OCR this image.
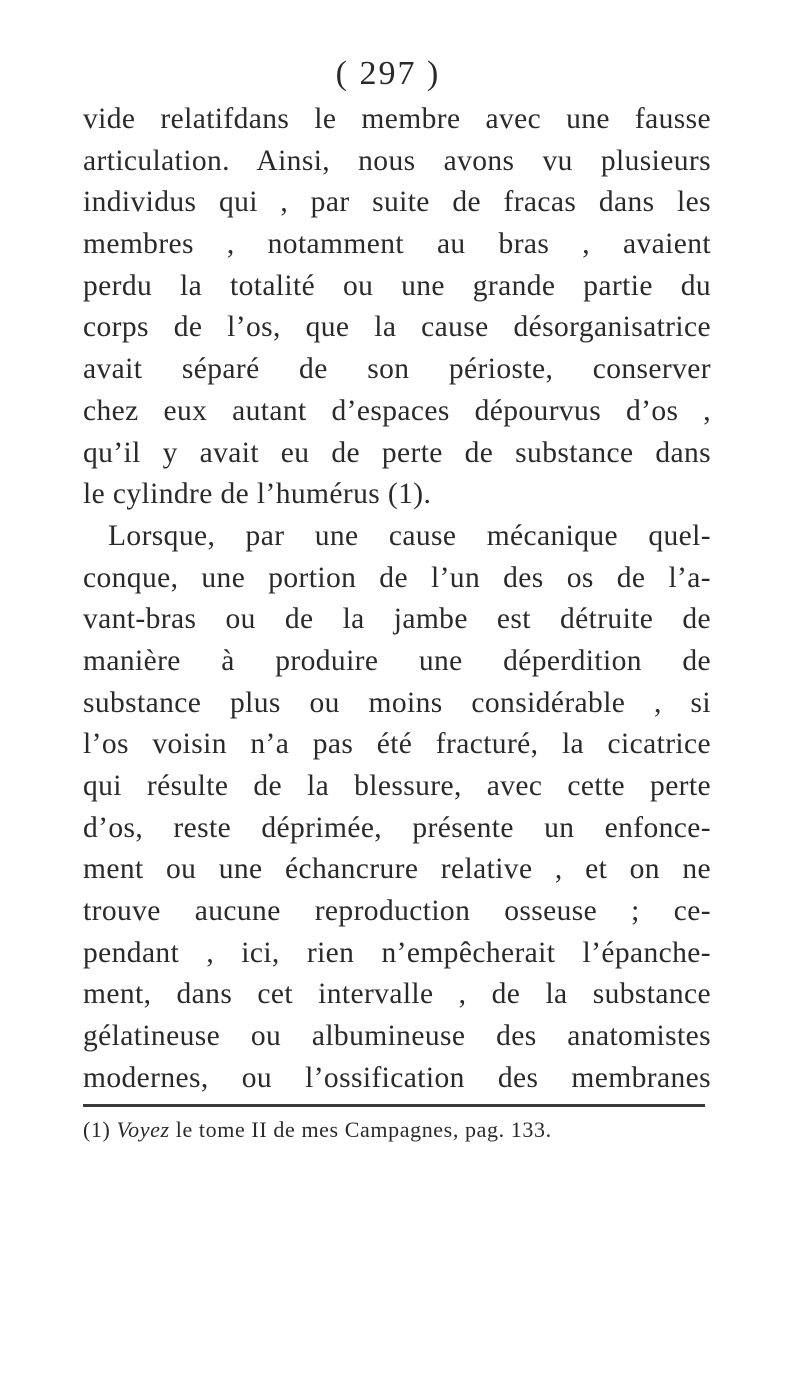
( 297 )
vide relatifdans le membre avec une fausse
articulation. Ainsi, nous avons vu plusieurs
individus qui , par suite de fracas dans les
membres , notamment au bras , avaient
perdu la totalité ou une grande partie du
corps de l’os, que la cause désorganisatrice
avait séparé de son périoste, conserver
chez eux autant d’espaces dépourvus d’os ,
qu’il y avait eu de perte de substance dans
le cylindre de l’humérus (1).
Lorsque, par une cause mécanique quel-
conque, une portion de l’un des os de l’a-
vant-bras ou de la jambe est détruite de
manière à produire une déperdition de
substance plus ou moins considérable , si
l’os voisin n’a pas été fracturé, la cicatrice
qui résulte de la blessure, avec cette perte
d’os, reste déprimée, présente un enfonce-
ment ou une échancrure relative , et on ne
trouve aucune reproduction osseuse ; ce-
pendant , ici, rien n’empêcherait l’épanche-
ment, dans cet intervalle , de la substance
gélatineuse ou albumineuse des anatomistes
modernes, ou l’ossification des membranes
(1) Voyez le tome II de mes Campagnes, pag. 133.
